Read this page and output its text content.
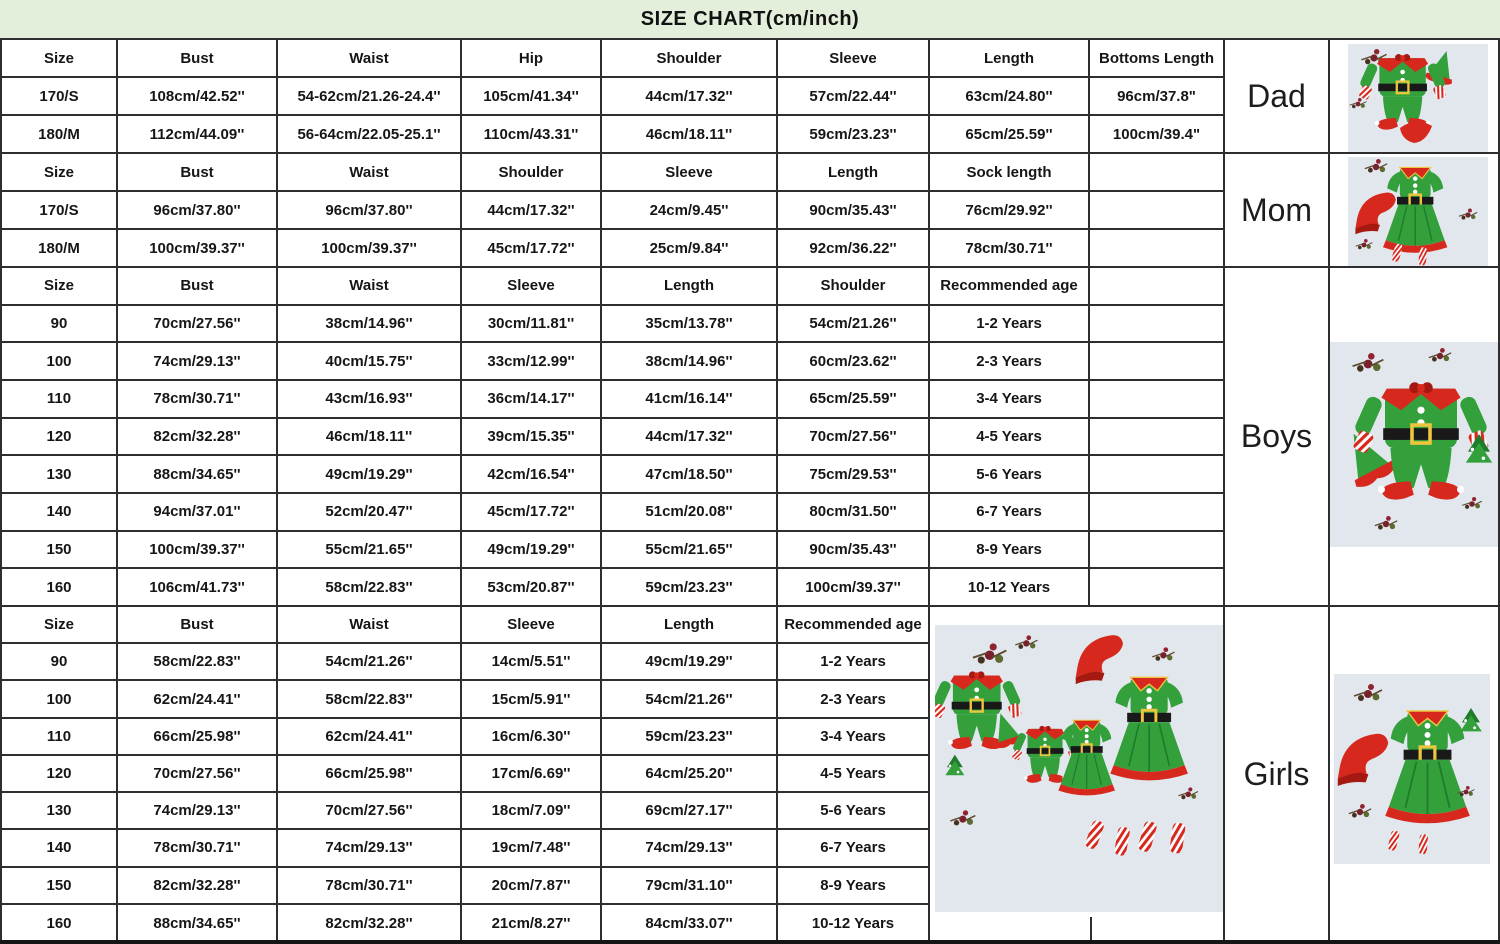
SIZE CHART(cm/inch)
Size	Bust	Waist	Hip	Shoulder	Sleeve	Length	Bottoms Length
Dad
170/S	108cm/42.52''	54-62cm/21.26-24.4''	105cm/41.34''	44cm/17.32''	57cm/22.44''	63cm/24.80''	96cm/37.8"
180/M	112cm/44.09''	56-64cm/22.05-25.1''	110cm/43.31''	46cm/18.11''	59cm/23.23''	65cm/25.59''	100cm/39.4"
Size	Bust	Waist	Shoulder	Sleeve	Length	Sock length
Mom
170/S	96cm/37.80''	96cm/37.80''	44cm/17.32''	24cm/9.45''	90cm/35.43''	76cm/29.92''
180/M	100cm/39.37''	100cm/39.37''	45cm/17.72''	25cm/9.84''	92cm/36.22''	78cm/30.71''
Size	Bust	Waist	Sleeve	Length	Shoulder	Recommended age
Boys
90	70cm/27.56''	38cm/14.96''	30cm/11.81''	35cm/13.78''	54cm/21.26''	1-2 Years
100	74cm/29.13''	40cm/15.75''	33cm/12.99''	38cm/14.96''	60cm/23.62''	2-3 Years
110	78cm/30.71''	43cm/16.93''	36cm/14.17''	41cm/16.14''	65cm/25.59''	3-4 Years
120	82cm/32.28''	46cm/18.11''	39cm/15.35''	44cm/17.32''	70cm/27.56''	4-5 Years
130	88cm/34.65''	49cm/19.29''	42cm/16.54''	47cm/18.50''	75cm/29.53''	5-6 Years
140	94cm/37.01''	52cm/20.47''	45cm/17.72''	51cm/20.08''	80cm/31.50''	6-7 Years
150	100cm/39.37''	55cm/21.65''	49cm/19.29''	55cm/21.65''	90cm/35.43''	8-9 Years
160	106cm/41.73''	58cm/22.83''	53cm/20.87''	59cm/23.23''	100cm/39.37''	10-12 Years
Size	Bust	Waist	Sleeve	Length	Recommended age
Girls
90	58cm/22.83''	54cm/21.26''	14cm/5.51''	49cm/19.29''	1-2 Years
100	62cm/24.41''	58cm/22.83''	15cm/5.91''	54cm/21.26''	2-3 Years
110	66cm/25.98''	62cm/24.41''	16cm/6.30''	59cm/23.23''	3-4 Years
120	70cm/27.56''	66cm/25.98''	17cm/6.69''	64cm/25.20''	4-5 Years
130	74cm/29.13''	70cm/27.56''	18cm/7.09''	69cm/27.17''	5-6 Years
140	78cm/30.71''	74cm/29.13''	19cm/7.48''	74cm/29.13''	6-7 Years
150	82cm/32.28''	78cm/30.71''	20cm/7.87''	79cm/31.10''	8-9 Years
160	88cm/34.65''	82cm/32.28''	21cm/8.27''	84cm/33.07''	10-12 Years
